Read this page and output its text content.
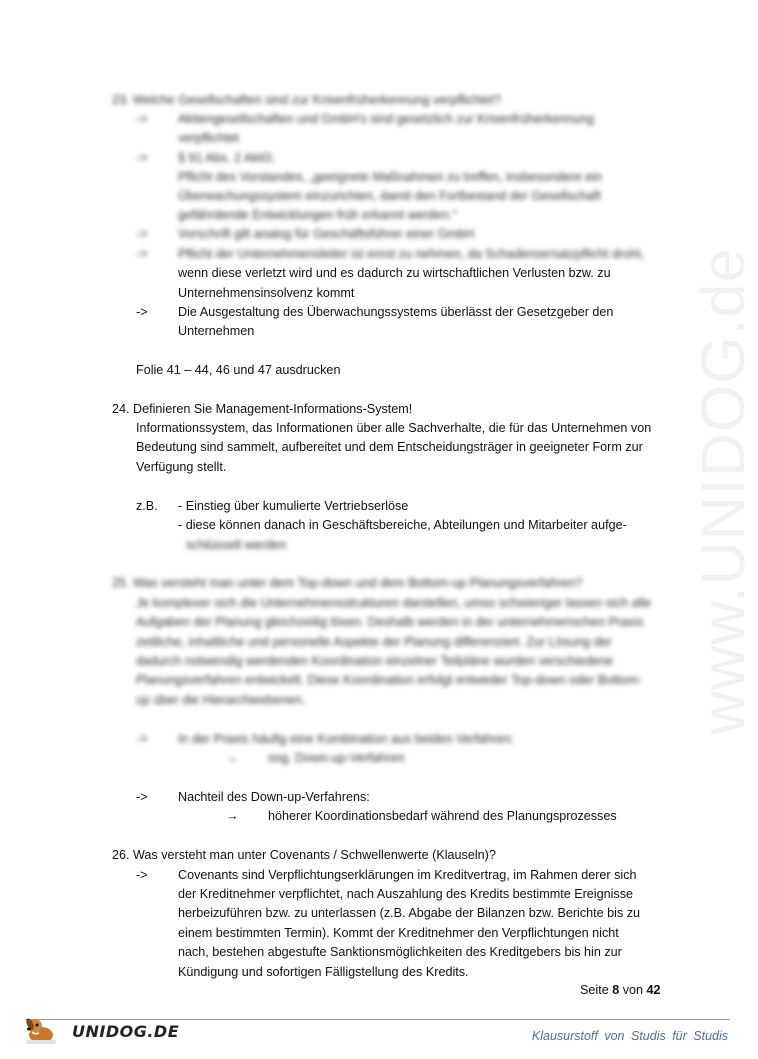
www.UNIDOG.de
23. Welche Gesellschaften sind zur Krisenfrüherkennung verpflichtet?
-> Aktiengesellschaften und GmbH's sind gesetzlich zur Krisenfrüherkennung
verpflichtet
-> § 91 Abs. 2 AktG:
Pflicht des Vorstandes, „geeignete Maßnahmen zu treffen, insbesondere ein
Überwachungssystem einzurichten, damit den Fortbestand der Gesellschaft
gefährdende Entwicklungen früh erkannt werden."
-> Vorschrift gilt analog für Geschäftsführer einer GmbH
-> Pflicht der Unternehmensleiter ist ernst zu nehmen, da Schadensersatzpflicht droht,
wenn diese verletzt wird und es dadurch zu wirtschaftlichen Verlusten bzw. zu
Unternehmensinsolvenz kommt
-> Die Ausgestaltung des Überwachungssystems überlässt der Gesetzgeber den
Unternehmen
Folie 41 – 44, 46 und 47 ausdrucken
24. Definieren Sie Management-Informations-System!
Informationssystem, das Informationen über alle Sachverhalte, die für das Unternehmen von
Bedeutung sind sammelt, aufbereitet und dem Entscheidungsträger in geeigneter Form zur
Verfügung stellt.
z.B. - Einstieg über kumulierte Vertriebserlöse
- diese können danach in Geschäftsbereiche, Abteilungen und Mitarbeiter aufge-
schlüsselt werden
25. Was versteht man unter dem Top-down und dem Bottom-up Planungsverfahren?
Je komplexer sich die Unternehmensstrukturen darstellen, umso schwieriger lassen sich alle
Aufgaben der Planung gleichzeitig lösen. Deshalb werden in der unternehmerischen Praxis
zeitliche, inhaltliche und personelle Aspekte der Planung differenziert. Zur Lösung der
dadurch notwendig werdenden Koordination einzelner Teilpläne wurden verschiedene
Planungsverfahren entwickelt. Diese Koordination erfolgt entweder Top-down oder Bottom-
up über die Hierarchieebenen.
-> In der Praxis häufig eine Kombination aus beiden Verfahren:
→ sog. Down-up-Verfahren
-> Nachteil des Down-up-Verfahrens:
→ höherer Koordinationsbedarf während des Planungsprozesses
26. Was versteht man unter Covenants / Schwellenwerte (Klauseln)?
-> Covenants sind Verpflichtungserklärungen im Kreditvertrag, im Rahmen derer sich
der Kreditnehmer verpflichtet, nach Auszahlung des Kredits bestimmte Ereignisse
herbeizuführen bzw. zu unterlassen (z.B. Abgabe der Bilanzen bzw. Berichte bis zu
einem bestimmten Termin). Kommt der Kreditnehmer den Verpflichtungen nicht
nach, bestehen abgestufte Sanktionsmöglichkeiten des Kreditgebers bis hin zur
Kündigung und sofortigen Fälligstellung des Kredits.
Seite 8 von 42
UNIDOG.DE	Klausurstoff von Studis für Studis
